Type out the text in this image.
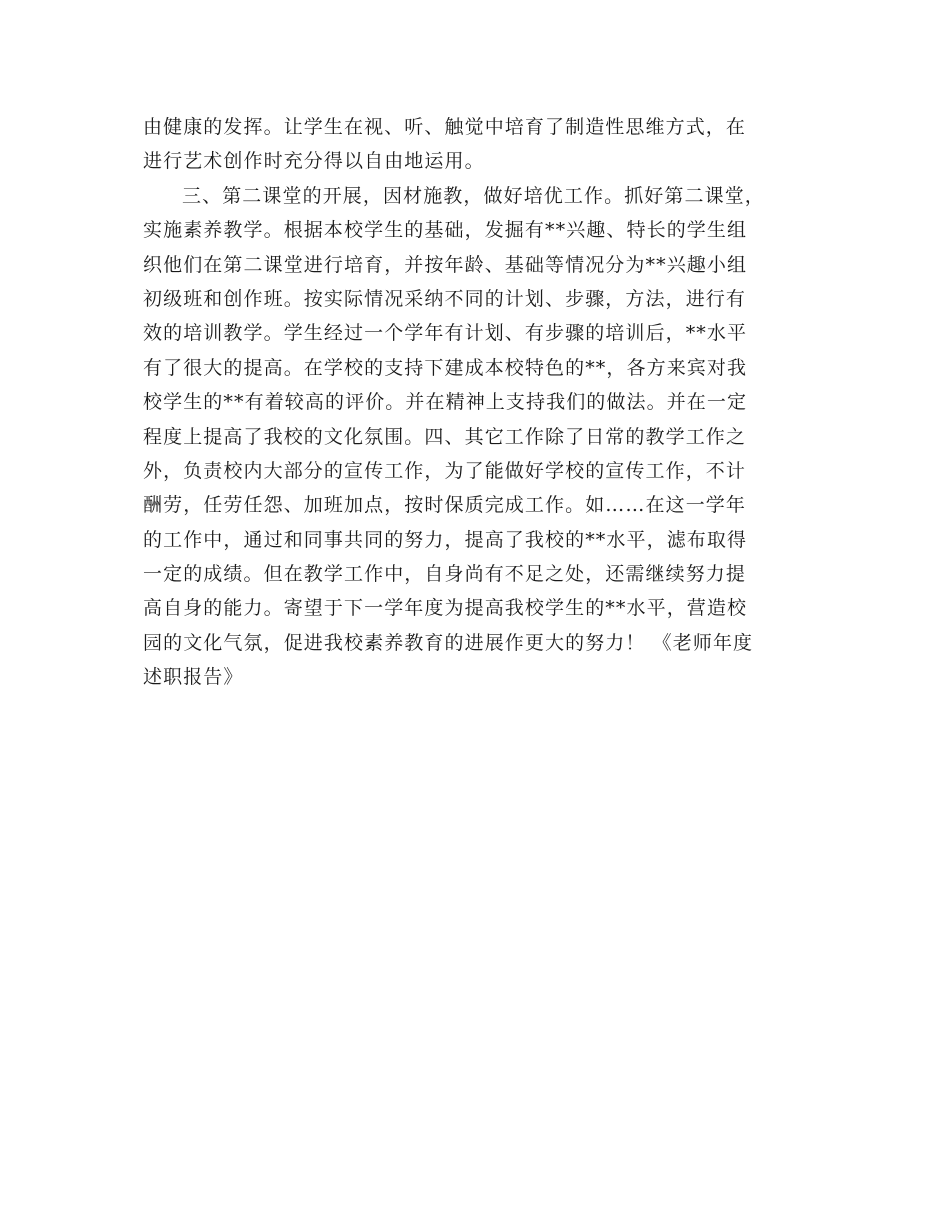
由健康的发挥。让学生在视、听、触觉中培育了制造性思维方式，在
进行艺术创作时充分得以自由地运用。
三、第二课堂的开展，因材施教，做好培优工作。抓好第二课堂，
实施素养教学。根据本校学生的基础，发掘有**兴趣、特长的学生组
织他们在第二课堂进行培育，并按年龄、基础等情况分为**兴趣小组
初级班和创作班。按实际情况采纳不同的计划、步骤，方法，进行有
效的培训教学。学生经过一个学年有计划、有步骤的培训后，**水平
有了很大的提高。在学校的支持下建成本校特色的**，各方来宾对我
校学生的**有着较高的评价。并在精神上支持我们的做法。并在一定
程度上提高了我校的文化氛围。四、其它工作除了日常的教学工作之
外，负责校内大部分的宣传工作，为了能做好学校的宣传工作，不计
酬劳，任劳任怨、加班加点，按时保质完成工作。如……在这一学年
的工作中，通过和同事共同的努力，提高了我校的**水平，滤布取得
一定的成绩。但在教学工作中，自身尚有不足之处，还需继续努力提
高自身的能力。寄望于下一学年度为提高我校学生的**水平，营造校
园的文化气氛，促进我校素养教育的进展作更大的努力！ 《老师年度
述职报告》
